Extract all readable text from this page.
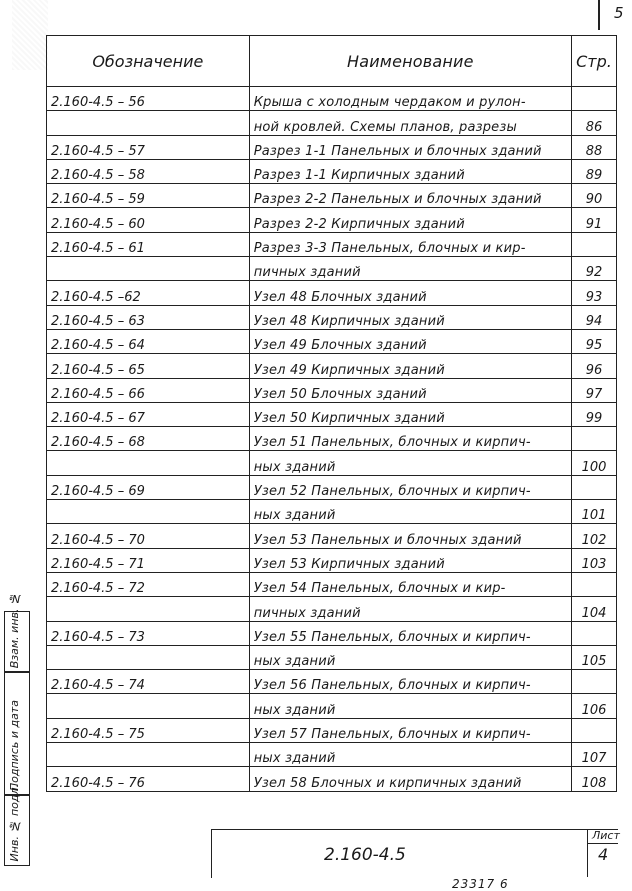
5
Обозначение	Наименование	Стр.
2.160-4.5 – 56	Крыша с холодным чердаком и рулон-	
	ной кровлей. Схемы планов, разрезы	86
2.160-4.5 – 57	Разрез 1-1 Панельных и блочных зданий	88
2.160-4.5 – 58	Разрез 1-1 Кирпичных зданий	89
2.160-4.5 – 59	Разрез 2-2 Панельных и блочных зданий	90
2.160-4.5 – 60	Разрез 2-2 Кирпичных зданий	91
2.160-4.5 – 61	Разрез 3-3 Панельных, блочных и кир-	
	пичных зданий	92
2.160-4.5 –62	Узел 48 Блочных зданий	93
2.160-4.5 – 63	Узел 48 Кирпичных зданий	94
2.160-4.5 – 64	Узел 49 Блочных зданий	95
2.160-4.5 – 65	Узел 49 Кирпичных зданий	96
2.160-4.5 – 66	Узел 50 Блочных зданий	97
2.160-4.5 – 67	Узел 50 Кирпичных зданий	99
2.160-4.5 – 68	Узел 51 Панельных, блочных и кирпич-	
	ных зданий	100
2.160-4.5 – 69	Узел 52 Панельных, блочных и кирпич-	
	ных зданий	101
2.160-4.5 – 70	Узел 53 Панельных и блочных зданий	102
2.160-4.5 – 71	Узел 53 Кирпичных зданий	103
2.160-4.5 – 72	Узел 54 Панельных, блочных и кир-	
	пичных зданий	104
2.160-4.5 – 73	Узел 55 Панельных, блочных и кирпич-	
	ных зданий	105
2.160-4.5 – 74	Узел 56 Панельных, блочных и кирпич-	
	ных зданий	106
2.160-4.5 – 75	Узел 57 Панельных, блочных и кирпич-	
	ных зданий	107
2.160-4.5 – 76	Узел 58 Блочных и кирпичных зданий	108
Взам. инв. №
Подпись и дата
Инв. № подл.	2.160-4.5
Лист
4
23317 6
